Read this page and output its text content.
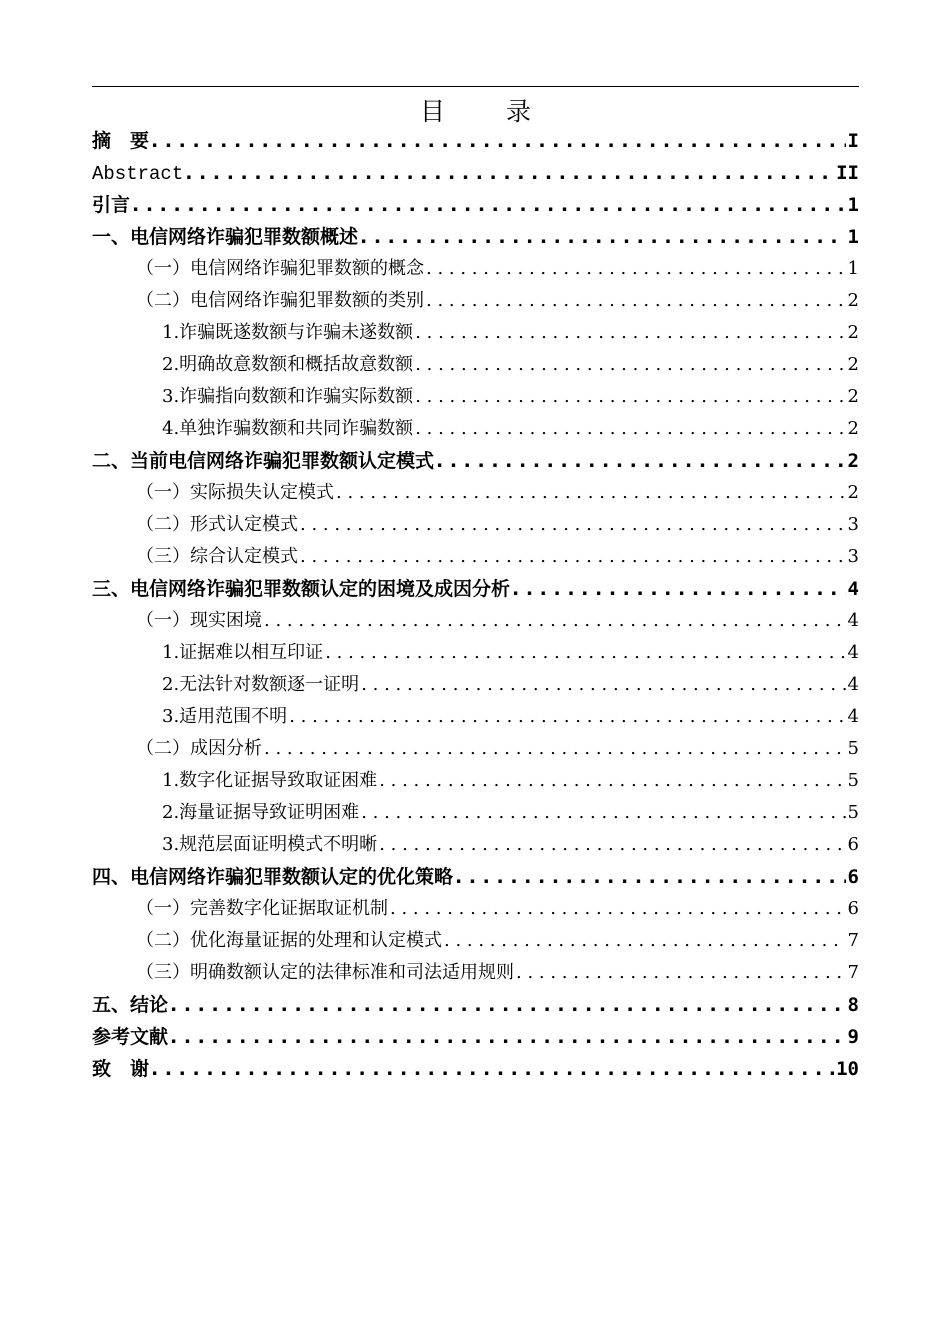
目　录
摘　要 . . .	I
Abstract . . .	II
引言 . . .	1
一、电信网络诈骗犯罪数额概述 . . .	1
（一）电信网络诈骗犯罪数额的概念 . . .	1
（二）电信网络诈骗犯罪数额的类别 . . .	2
1.诈骗既遂数额与诈骗未遂数额 . . .	2
2.明确故意数额和概括故意数额 . . .	2
3.诈骗指向数额和诈骗实际数额 . . .	2
4.单独诈骗数额和共同诈骗数额 . . .	2
二、当前电信网络诈骗犯罪数额认定模式 . . .	2
（一）实际损失认定模式 . . .	2
（二）形式认定模式 . . .	3
（三）综合认定模式 . . .	3
三、电信网络诈骗犯罪数额认定的困境及成因分析 . . .	4
（一）现实困境 . . .	4
1.证据难以相互印证 . . .	4
2.无法针对数额逐一证明 . . .	4
3.适用范围不明 . . .	4
（二）成因分析 . . .	5
1.数字化证据导致取证困难 . . .	5
2.海量证据导致证明困难 . . .	5
3.规范层面证明模式不明晰 . . .	6
四、电信网络诈骗犯罪数额认定的优化策略 . . .	6
（一）完善数字化证据取证机制 . . .	6
（二）优化海量证据的处理和认定模式 . . .	7
（三）明确数额认定的法律标准和司法适用规则 . . .	7
五、结论 . . .	8
参考文献 . . .	9
致　谢 . . .	10
